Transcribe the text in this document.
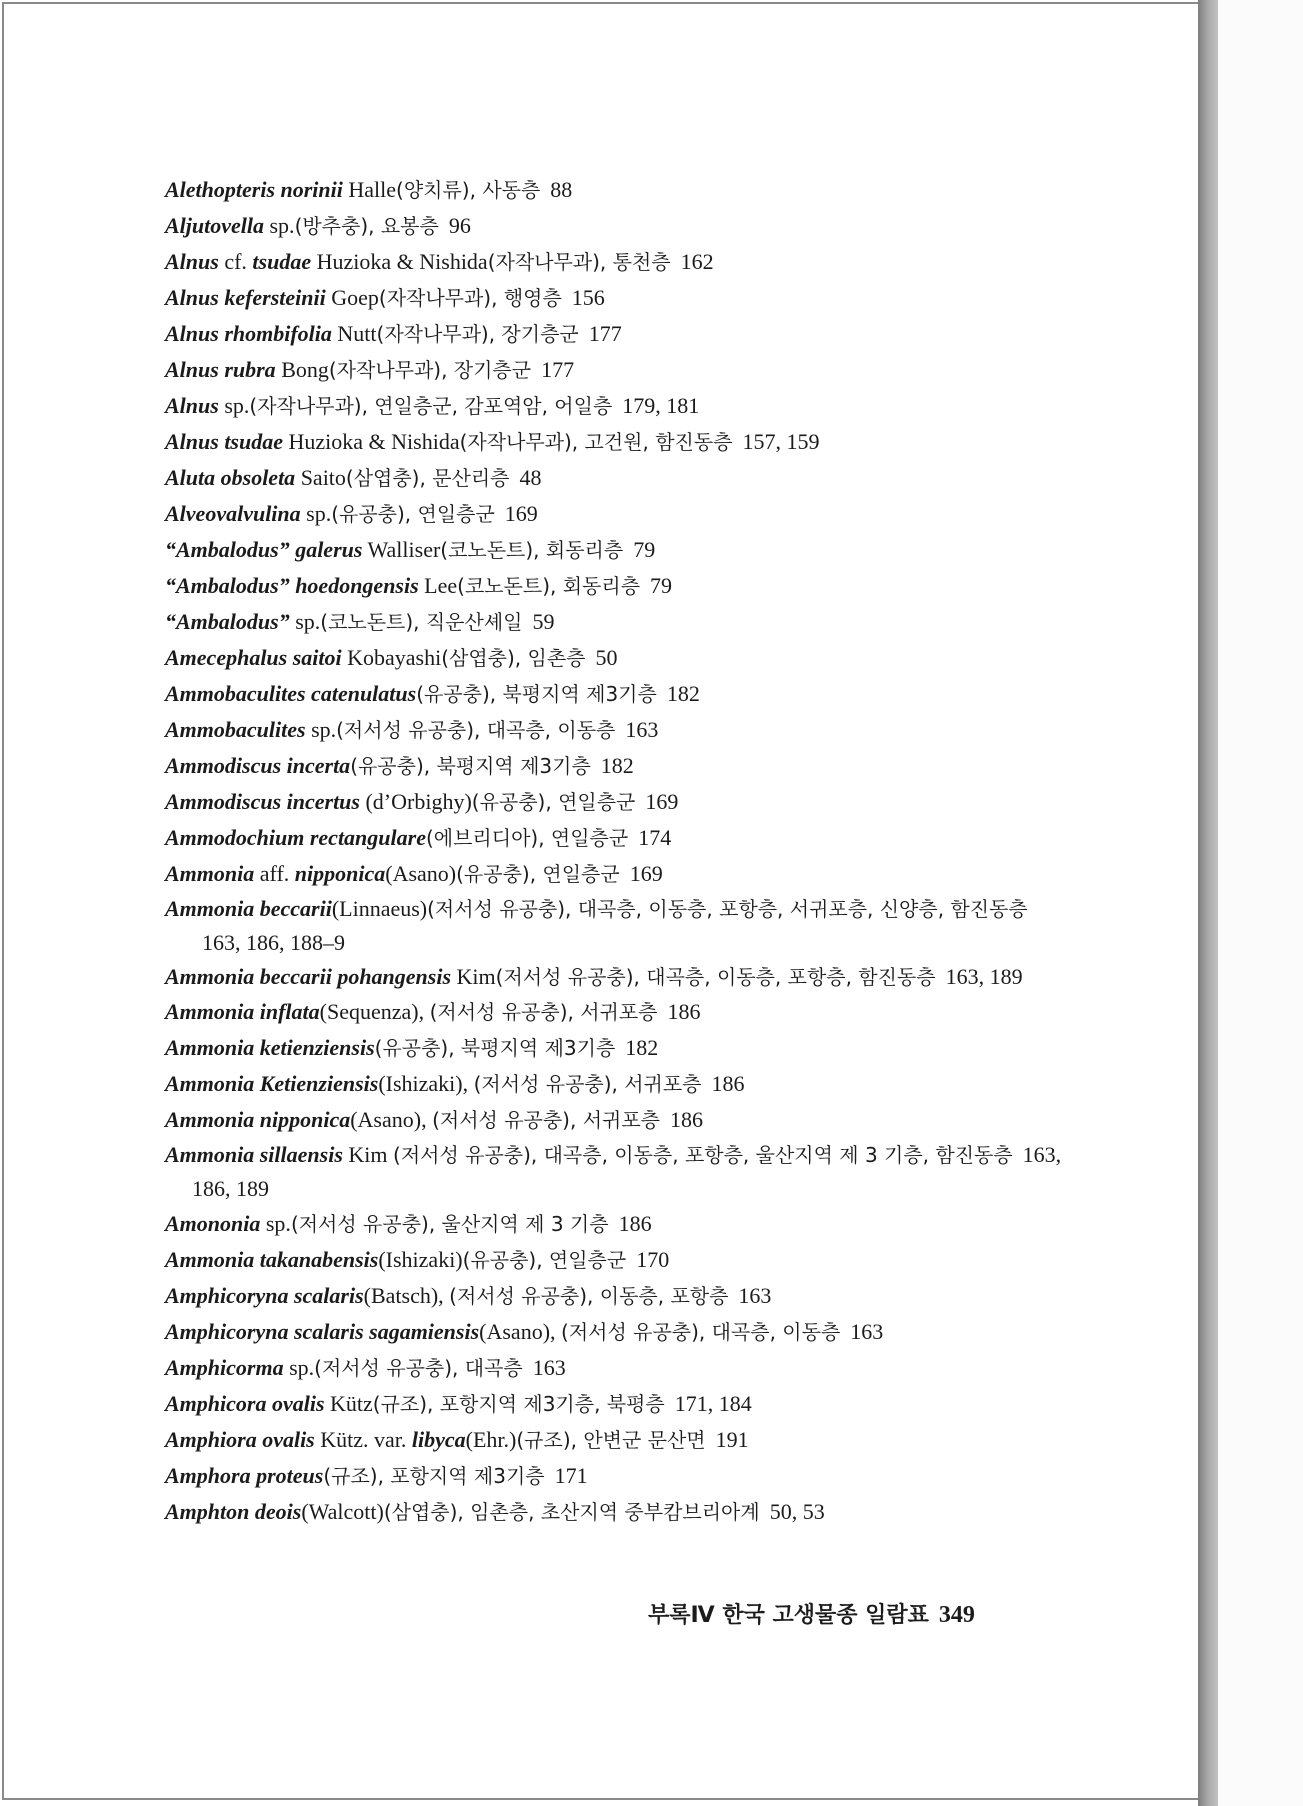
Alethopteris norinii Halle(양치류), 사동층 88
Aljutovella sp.(방추충), 요봉층 96
Alnus cf. tsudae Huzioka & Nishida(자작나무과), 통천층 162
Alnus kefersteinii Goep(자작나무과), 행영층 156
Alnus rhombifolia Nutt(자작나무과), 장기층군 177
Alnus rubra Bong(자작나무과), 장기층군 177
Alnus sp.(자작나무과), 연일층군, 감포역암, 어일층 179, 181
Alnus tsudae Huzioka & Nishida(자작나무과), 고건원, 함진동층 157, 159
Aluta obsoleta Saito(삼엽충), 문산리층 48
Alveovalvulina sp.(유공충), 연일층군 169
“Ambalodus” galerus Walliser(코노돈트), 회동리층 79
“Ambalodus” hoedongensis Lee(코노돈트), 회동리층 79
“Ambalodus” sp.(코노돈트), 직운산셰일 59
Amecephalus saitoi Kobayashi(삼엽충), 임촌층 50
Ammobaculites catenulatus(유공충), 북평지역 제3기층 182
Ammobaculites sp.(저서성 유공충), 대곡층, 이동층 163
Ammodiscus incerta(유공충), 북평지역 제3기층 182
Ammodiscus incertus (d’Orbighy)(유공충), 연일층군 169
Ammodochium rectangulare(에브리디아), 연일층군 174
Ammonia aff. nipponica(Asano)(유공충), 연일층군 169
Ammonia beccarii(Linnaeus)(저서성 유공충), 대곡층, 이동층, 포항층, 서귀포층, 신양층, 함진동층163, 186, 188–9
Ammonia beccarii pohangensis Kim(저서성 유공충), 대곡층, 이동층, 포항층, 함진동층 163, 189
Ammonia inflata(Sequenza), (저서성 유공충), 서귀포층 186
Ammonia ketienziensis(유공충), 북평지역 제3기층 182
Ammonia Ketienziensis(Ishizaki), (저서성 유공충), 서귀포층 186
Ammonia nipponica(Asano), (저서성 유공충), 서귀포층 186
Ammonia sillaensis Kim (저서성 유공충), 대곡층, 이동층, 포항층, 울산지역 제 3 기층, 함진동층 163, 186, 189
Amononia sp.(저서성 유공충), 울산지역 제 3 기층 186
Ammonia takanabensis(Ishizaki)(유공충), 연일층군 170
Amphicoryna scalaris(Batsch), (저서성 유공충), 이동층, 포항층 163
Amphicoryna scalaris sagamiensis(Asano), (저서성 유공충), 대곡층, 이동층 163
Amphicorma sp.(저서성 유공충), 대곡층 163
Amphicora ovalis Kütz(규조), 포항지역 제3기층, 북평층 171, 184
Amphiora ovalis Kütz. var. libyca(Ehr.)(규조), 안변군 문산면 191
Amphora proteus(규조), 포항지역 제3기층 171
Amphton deois(Walcott)(삼엽충), 임촌층, 초산지역 중부캄브리아계 50, 53
부록Ⅳ 한국 고생물종 일람표 349
